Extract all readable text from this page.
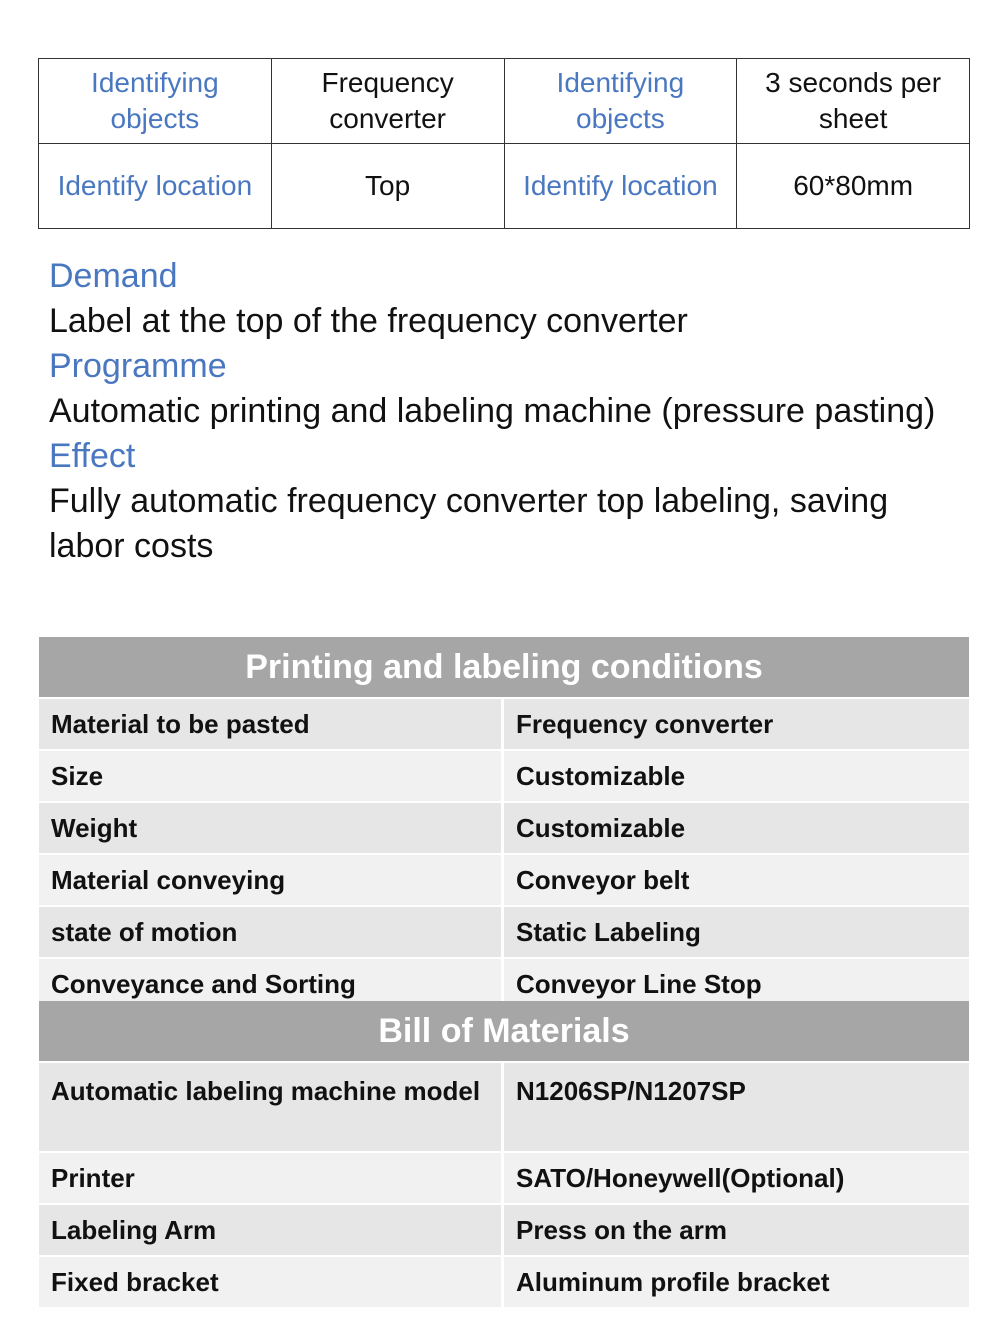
Identifying objects	Frequency converter	Identifying objects	3 seconds per sheet
Identify location	Top	Identify location	60*80mm
Demand
Label at the top of the frequency converter
Programme
Automatic printing and labeling machine (pressure pasting)
Effect
Fully automatic frequency converter top labeling, saving labor costs
Printing and labeling conditions	
Material to be pasted	Frequency converter
Size	Customizable
Weight	Customizable
Material conveying	Conveyor belt
state of motion	Static Labeling
Conveyance and Sorting	Conveyor Line Stop
Bill of Materials	
Automatic labeling machine model	N1206SP/N1207SP
Printer	SATO/Honeywell(Optional)
Labeling Arm	Press on the arm
Fixed bracket	Aluminum profile bracket
